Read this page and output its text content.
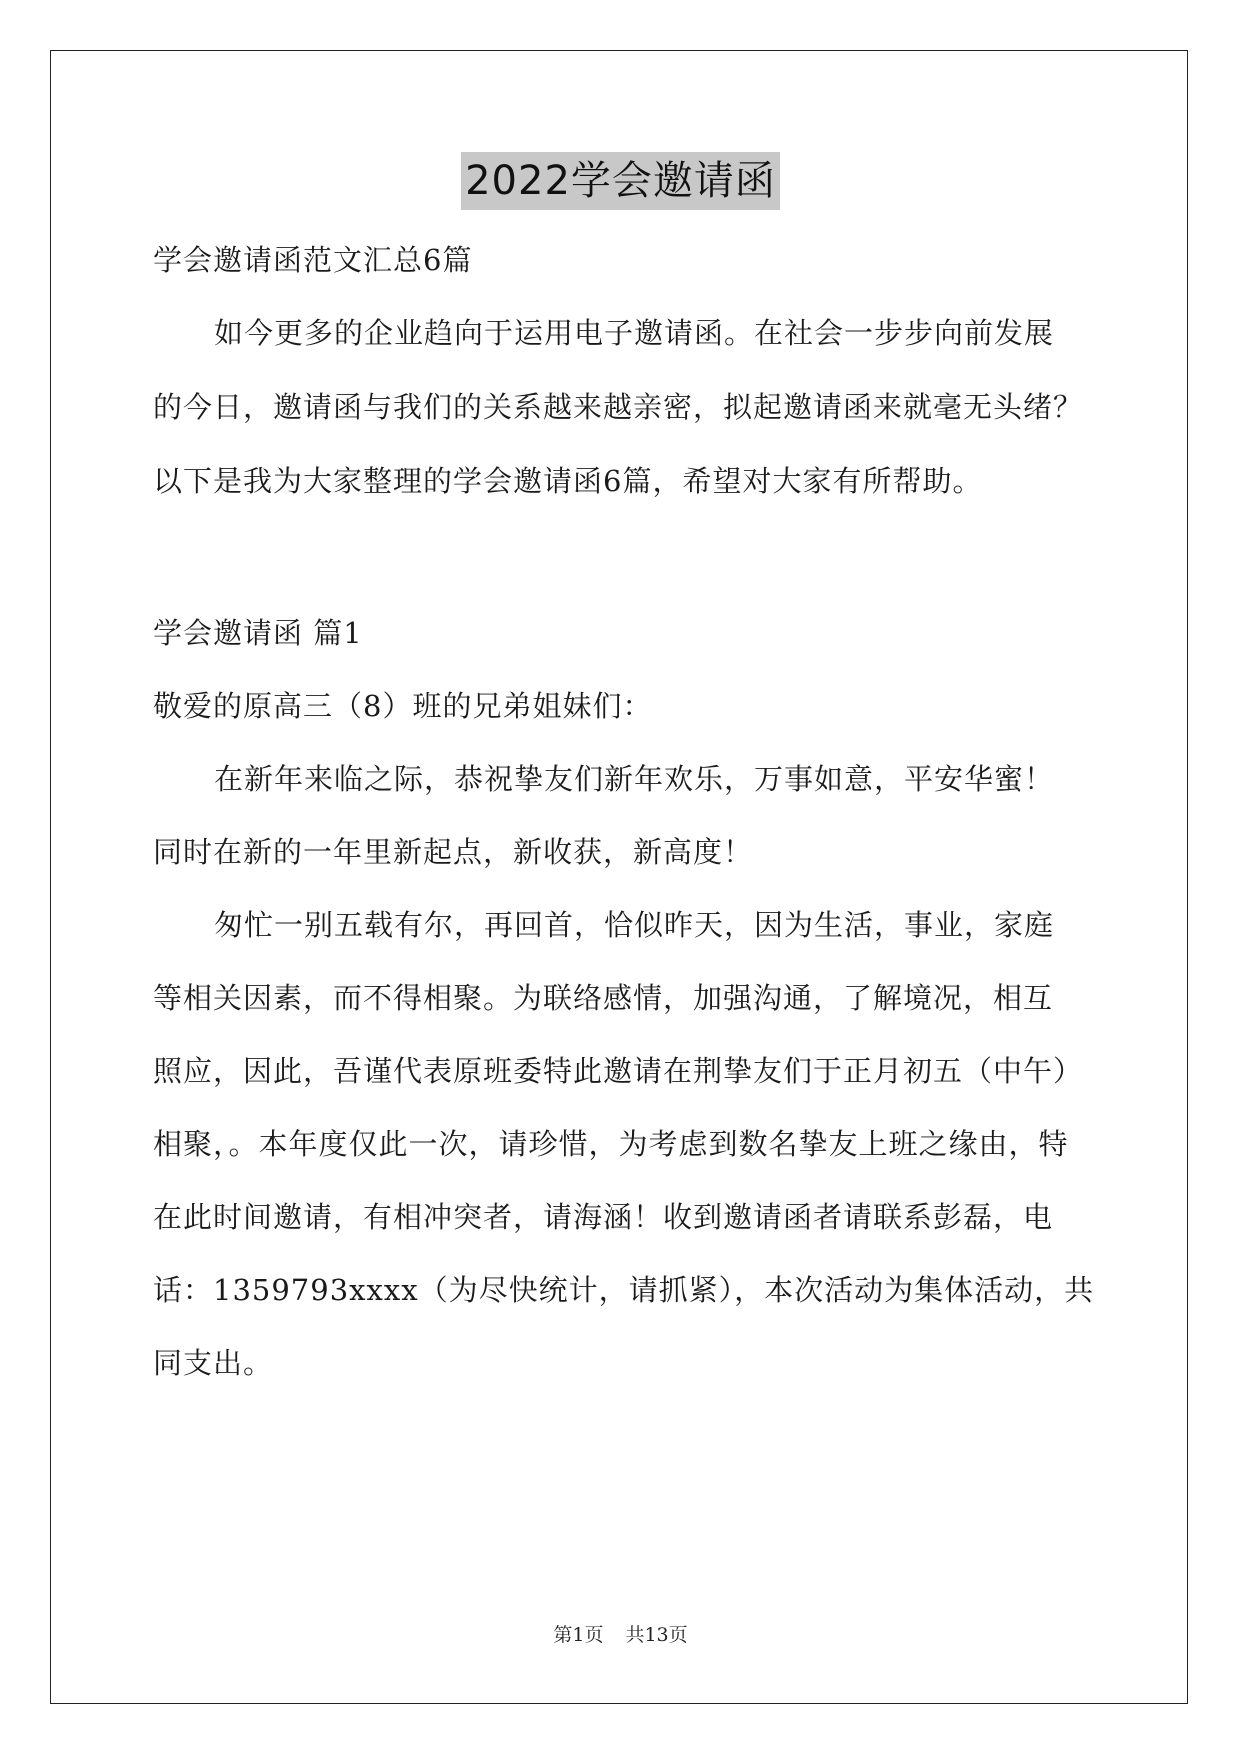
2022学会邀请函
学会邀请函范文汇总6篇
如今更多的企业趋向于运用电子邀请函。在社会一步步向前发展
的今日，邀请函与我们的关系越来越亲密，拟起邀请函来就毫无头绪？
以下是我为大家整理的学会邀请函6篇，希望对大家有所帮助。
学会邀请函 篇1
敬爱的原高三（8）班的兄弟姐妹们：
在新年来临之际，恭祝挚友们新年欢乐，万事如意，平安华蜜！
同时在新的一年里新起点，新收获，新高度！
匆忙一别五载有尔，再回首，恰似昨天，因为生活，事业，家庭
等相关因素，而不得相聚。为联络感情，加强沟通，了解境况，相互
照应，因此，吾谨代表原班委特此邀请在荆挚友们于正月初五（中午）
相聚，。本年度仅此一次，请珍惜，为考虑到数名挚友上班之缘由，特
在此时间邀请，有相冲突者，请海涵！收到邀请函者请联系彭磊，电
话：1359793xxxx（为尽快统计，请抓紧），本次活动为集体活动，共
同支出。
第1页 共13页
